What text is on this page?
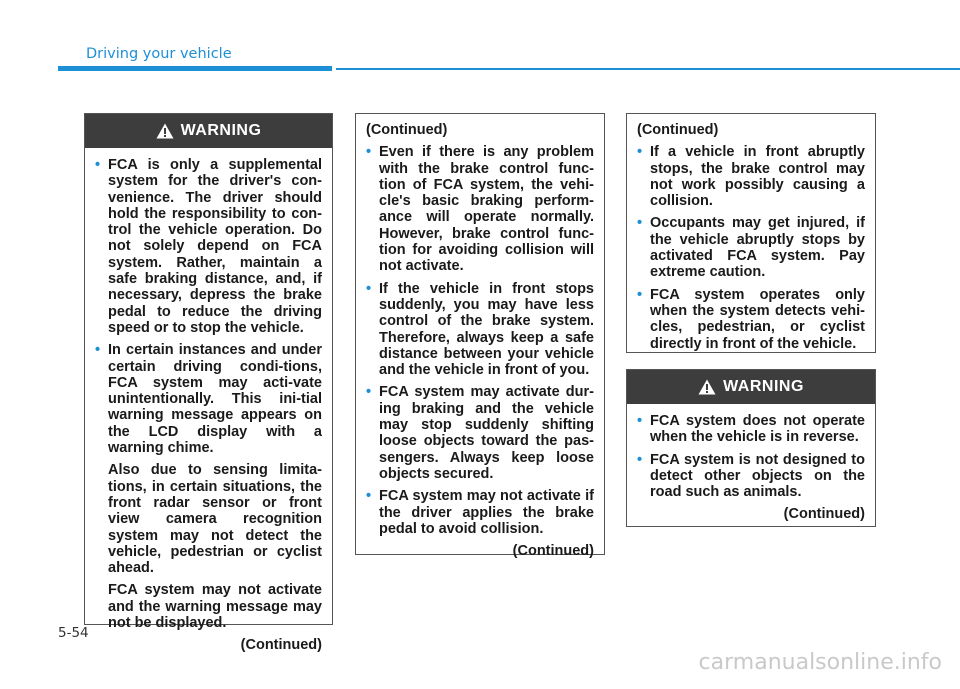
Driving your vehicle
WARNING
• FCA is only a supplemental system for the driver's con-venience. The driver should hold the responsibility to con-trol the vehicle operation. Do not solely depend on FCA system. Rather, maintain a safe braking distance, and, if necessary, depress the brake pedal to reduce the driving speed or to stop the vehicle.
• In certain instances and under certain driving condi-tions, FCA system may acti-vate unintentionally. This ini-tial warning message appears on the LCD display with a warning chime.
Also due to sensing limita-tions, in certain situations, the front radar sensor or front view camera recognition system may not detect the vehicle, pedestrian or cyclist ahead.
FCA system may not activate and the warning message may not be displayed.
(Continued)

(Continued)

• Even if there is any problem with the brake control func-tion of FCA system, the vehi-cle's basic braking perform-ance will operate normally. However, brake control func-tion for avoiding collision will not activate.
• If the vehicle in front stops suddenly, you may have less control of the brake system. Therefore, always keep a safe distance between your vehicle and the vehicle in front of you.
• FCA system may activate dur-ing braking and the vehicle may stop suddenly shifting loose objects toward the pas-sengers. Always keep loose objects secured.
• FCA system may not activate if the driver applies the brake pedal to avoid collision.
(Continued)

(Continued)

• If a vehicle in front abruptly stops, the brake control may not work possibly causing a collision.
• Occupants may get injured, if the vehicle abruptly stops by activated FCA system. Pay extreme caution.
• FCA system operates only when the system detects vehi-cles, pedestrian, or cyclist directly in front of the vehicle.
WARNING
• FCA system does not operate when the vehicle is in reverse.
• FCA system is not designed to detect other objects on the road such as animals.
(Continued)
5-54
carmanualsonline.info
